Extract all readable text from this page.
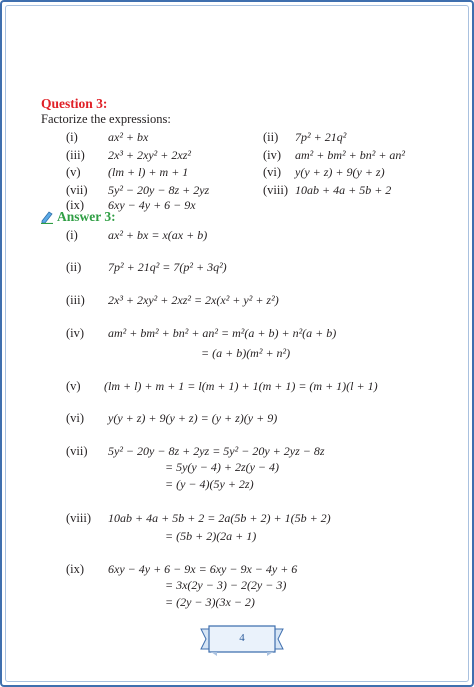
Question 3:
Factorize the expressions:
(i)	ax² + bx	(ii) 7p² + 21q²
(iii) 2x³ + 2xy² + 2xz²	(iv) am² + bm² + bn² + an²
(v) (lm + l) + m + 1	(vi) y(y + z) + 9(y + z)
(vii) 5y² − 20y − 8z + 2yz	(viii) 10ab + 4a + 5b + 2
(ix) 6xy − 4y + 6 − 9x
Answer 3:
(i)	ax² + bx = x(ax + b)
(ii) 7p² + 21q² = 7(p² + 3q²)
(iii) 2x³ + 2xy² + 2xz² = 2x(x² + y² + z²)
(iv) am² + bm² + bn² + an² = m²(a + b) + n²(a + b)
= (a + b)(m² + n²)
(v) (lm + l) + m + 1 = l(m + 1) + 1(m + 1) = (m + 1)(l + 1)
(vi) y(y + z) + 9(y + z) = (y + z)(y + 9)
(vii) 5y² − 20y − 8z + 2yz = 5y² − 20y + 2yz − 8z
= 5y(y − 4) + 2z(y − 4)
= (y − 4)(5y + 2z)
(viii) 10ab + 4a + 5b + 2 = 2a(5b + 2) + 1(5b + 2)
= (5b + 2)(2a + 1)
(ix) 6xy − 4y + 6 − 9x = 6xy − 9x − 4y + 6
= 3x(2y − 3) − 2(2y − 3)
= (2y − 3)(3x − 2)
4
